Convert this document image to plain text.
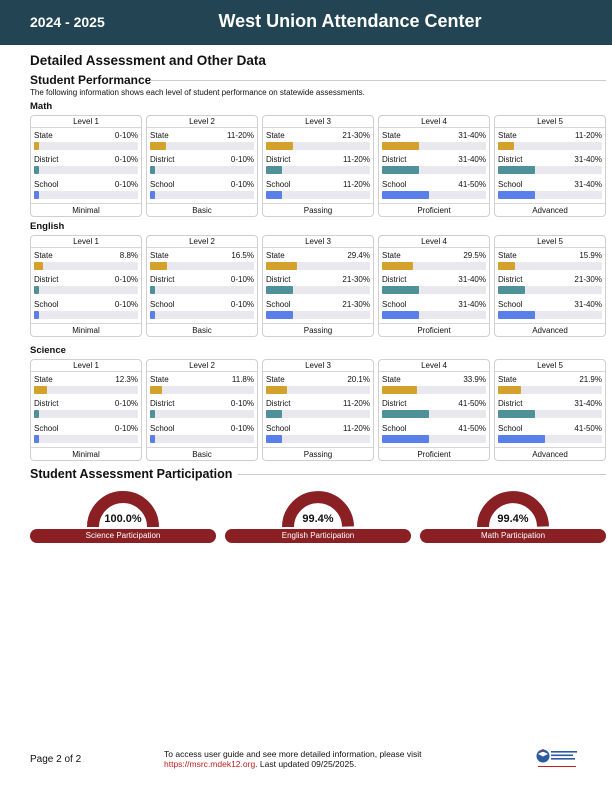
2024 - 2025	West Union Attendance Center
Detailed Assessment and Other Data
Student Performance
The following information shows each level of student performance on statewide assessments.
Math
Level 1
State	0-10%
District	0-10%
School	0-10%
Minimal
Level 2
State	11-20%
District	0-10%
School	0-10%
Basic
Level 3
State	21-30%
District	11-20%
School	11-20%
Passing
Level 4
State	31-40%
District	31-40%
School	41-50%
Proficient
Level 5
State	11-20%
District	31-40%
School	31-40%
Advanced
English
Level 1
State	8.8%
District	0-10%
School	0-10%
Minimal
Level 2
State	16.5%
District	0-10%
School	0-10%
Basic
Level 3
State	29.4%
District	21-30%
School	21-30%
Passing
Level 4
State	29.5%
District	31-40%
School	31-40%
Proficient
Level 5
State	15.9%
District	21-30%
School	31-40%
Advanced
Science
Level 1
State	12.3%
District	0-10%
School	0-10%
Minimal
Level 2
State	11.8%
District	0-10%
School	0-10%
Basic
Level 3
State	20.1%
District	11-20%
School	11-20%
Passing
Level 4
State	33.9%
District	41-50%
School	41-50%
Proficient
Level 5
State	21.9%
District	31-40%
School	41-50%
Advanced
Student Assessment Participation
100.0%
Science Participation
99.4%
English Participation
99.4%
Math Participation
Page 2 of 2	To access user guide and see more detailed information, please visit
https://msrc.mdek12.org. Last updated 09/25/2025.
